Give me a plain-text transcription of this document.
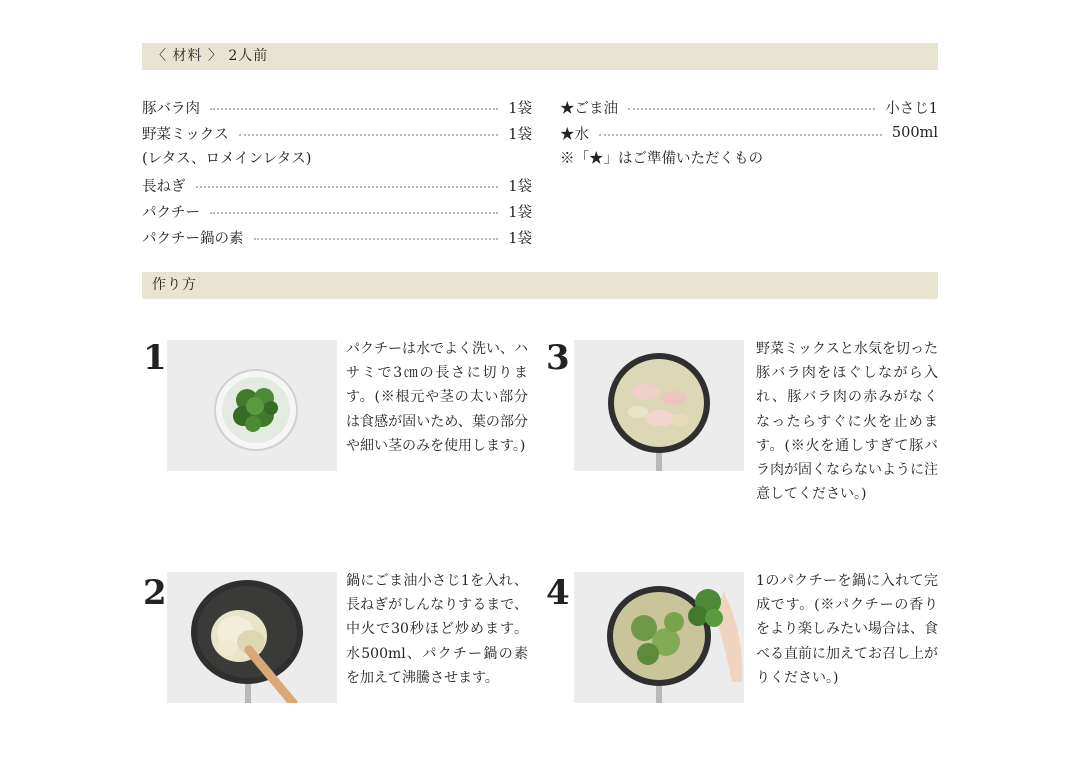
〈 材料 〉 2人前
豚バラ肉	1袋
野菜ミックス	1袋
(レタス、ロメインレタス)
長ねぎ	1袋
パクチー	1袋
パクチー鍋の素	1袋
★ごま油	小さじ1
★水	500ml
※「★」はご準備いただくもの
作り方
1	パクチーは水でよく洗い、ハサミで3㎝の長さに切ります。(※根元や茎の太い部分は食感が固いため、葉の部分や細い茎のみを使用します。)
2	鍋にごま油小さじ1を入れ、長ねぎがしんなりするまで、中火で30秒ほど炒めます。水500ml、パクチー鍋の素を加えて沸騰させます。
3	野菜ミックスと水気を切った豚バラ肉をほぐしながら入れ、豚バラ肉の赤みがなくなったらすぐに火を止めます。(※火を通しすぎて豚バラ肉が固くならないように注意してください。)
4	1のパクチーを鍋に入れて完成です。(※パクチーの香りをより楽しみたい場合は、食べる直前に加えてお召し上がりください。)
